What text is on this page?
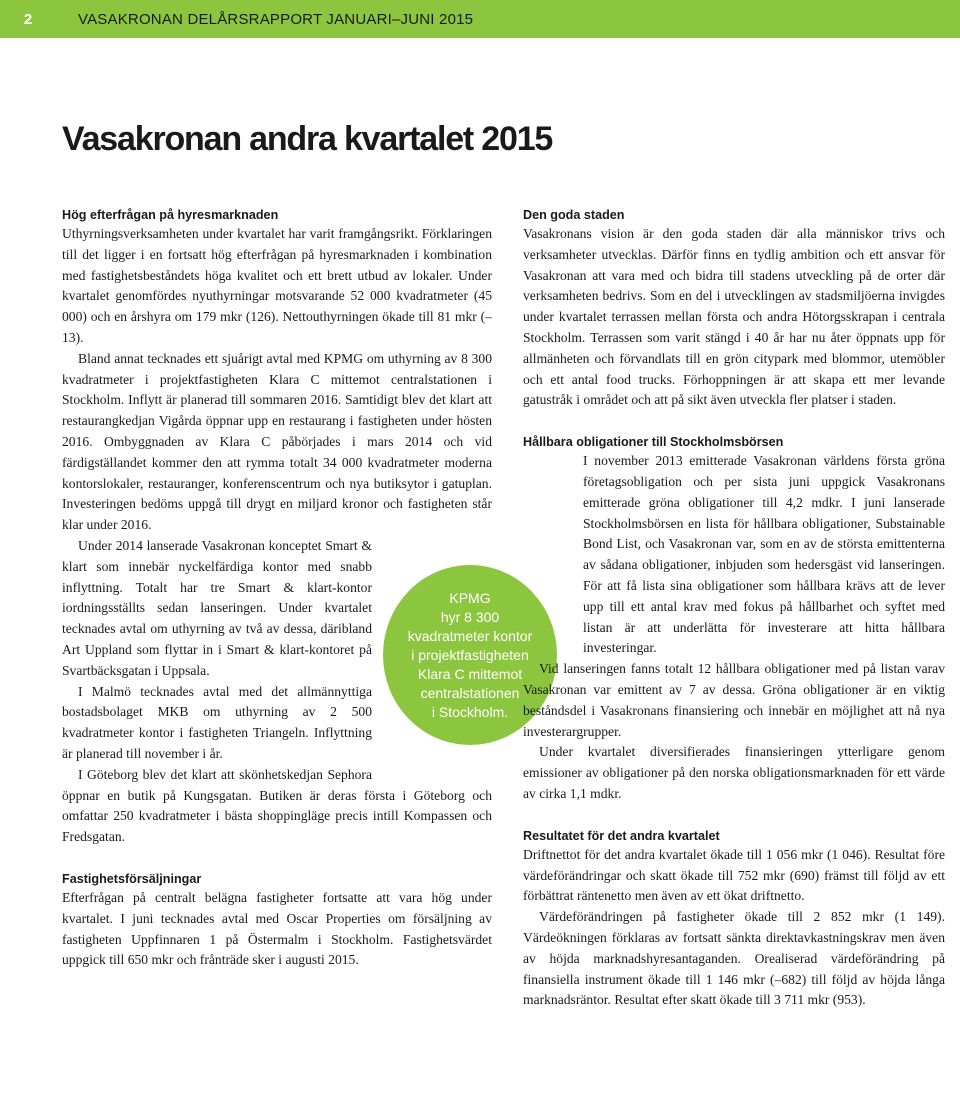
2	VASAKRONAN DELÅRSRAPPORT JANUARI–JUNI 2015
Vasakronan andra kvartalet 2015
Hög efterfrågan på hyresmarknaden

Uthyrningsverksamheten under kvartalet har varit framgångsrikt. Förklaringen till det ligger i en fortsatt hög efterfrågan på hyresmarknaden i kombination med fastighetsbeståndets höga kvalitet och ett brett utbud av lokaler. Under kvartalet genomfördes nyuthyrningar motsvarande 52 000 kvadratmeter (45 000) och en årshyra om 179 mkr (126). Nettouthyrningen ökade till 81 mkr (–13).

Bland annat tecknades ett sjuårigt avtal med KPMG om uthyrning av 8 300 kvadratmeter i projektfastigheten Klara C mittemot centralstationen i Stockholm. Inflytt är planerad till sommaren 2016. Samtidigt blev det klart att restaurangkedjan Vigårda öppnar upp en restaurang i fastigheten under hösten 2016. Ombyggnaden av Klara C påbörjades i mars 2014 och vid färdigställandet kommer den att rymma totalt 34 000 kvadratmeter moderna kontorslokaler, restauranger, konferenscentrum och nya butiksytor i gatuplan. Investeringen bedöms uppgå till drygt en miljard kronor och fastigheten står klar under 2016.

Under 2014 lanserade Vasakronan konceptet Smart & klart som innebär nyckelfärdiga kontor med snabb inflyttning. Totalt har tre Smart & klart-kontor iordningsställts sedan lanseringen. Under kvartalet tecknades avtal om uthyrning av två av dessa, däribland Art Uppland som flyttar in i Smart & klart-kontoret på Svartbäcksgatan i Uppsala.

I Malmö tecknades avtal med det allmännyttiga bostadsbolaget MKB om uthyrning av 2 500 kvadratmeter kontor i fastigheten Triangeln. Inflyttning är planerad till november i år.

I Göteborg blev det klart att skönhetskedjan Sephora öppnar en butik på Kungsgatan. Butiken är deras första i Göteborg och omfattar 250 kvadratmeter i bästa shoppingläge precis intill Kompassen och Fredsgatan.

Fastighetsförsäljningar

Efterfrågan på centralt belägna fastigheter fortsatte att vara hög under kvartalet. I juni tecknades avtal med Oscar Properties om försäljning av fastigheten Uppfinnaren 1 på Östermalm i Stockholm. Fastighetsvärdet uppgick till 650 mkr och frånträde sker i augusti 2015.

KPMG
hyr 8 300
kvadratmeter kontor
i projektfastigheten
Klara C mittemot
centralstationen
i Stockholm.
Den goda staden

Vasakronans vision är den goda staden där alla människor trivs och verksamheter utvecklas. Därför finns en tydlig ambition och ett ansvar för Vasakronan att vara med och bidra till stadens utveckling på de orter där verksamheten bedrivs. Som en del i utvecklingen av stadsmiljöerna invigdes under kvartalet terrassen mellan första och andra Hötorgsskrapan i centrala Stockholm. Terrassen som varit stängd i 40 år har nu åter öppnats upp för allmänheten och förvandlats till en grön citypark med blommor, utemöbler och ett antal food trucks. Förhoppningen är att skapa ett mer levande gatustråk i området och att på sikt även utveckla fler platser i staden.

Hållbara obligationer till Stockholmsbörsen

I november 2013 emitterade Vasakronan världens första gröna företagsobligation och per sista juni uppgick Vasakronans emitterade gröna obligationer till 4,2 mdkr. I juni lanserade Stockholmsbörsen en lista för hållbara obligationer, Substainable Bond List, och Vasakronan var, som en av de största emittenterna av sådana obligationer, inbjuden som hedersgäst vid lanseringen. För att få lista sina obligationer som hållbara krävs att de lever upp till ett antal krav med fokus på hållbarhet och syftet med listan är att underlätta för investerare att hitta hållbara investeringar.

Vid lanseringen fanns totalt 12 hållbara obligationer med på listan varav Vasakronan var emittent av 7 av dessa. Gröna obligationer är en viktig beståndsdel i Vasakronans finansiering och innebär en möjlighet att nå nya investerargrupper.

Under kvartalet diversifierades finansieringen ytterligare genom emissioner av obligationer på den norska obligationsmarknaden för ett värde av cirka 1,1 mdkr.

Resultatet för det andra kvartalet

Driftnettot för det andra kvartalet ökade till 1 056 mkr (1 046). Resultat före värdeförändringar och skatt ökade till 752 mkr (690) främst till följd av ett förbättrat räntenetto men även av ett ökat driftnetto.

Värdeförändringen på fastigheter ökade till 2 852 mkr (1 149). Värdeökningen förklaras av fortsatt sänkta direktavkastningskrav men även av höjda marknadshyresantaganden. Orealiserad värdeförändring på finansiella instrument ökade till 1 146 mkr (–682) till följd av höjda långa marknadsräntor. Resultat efter skatt ökade till 3 711 mkr (953).
